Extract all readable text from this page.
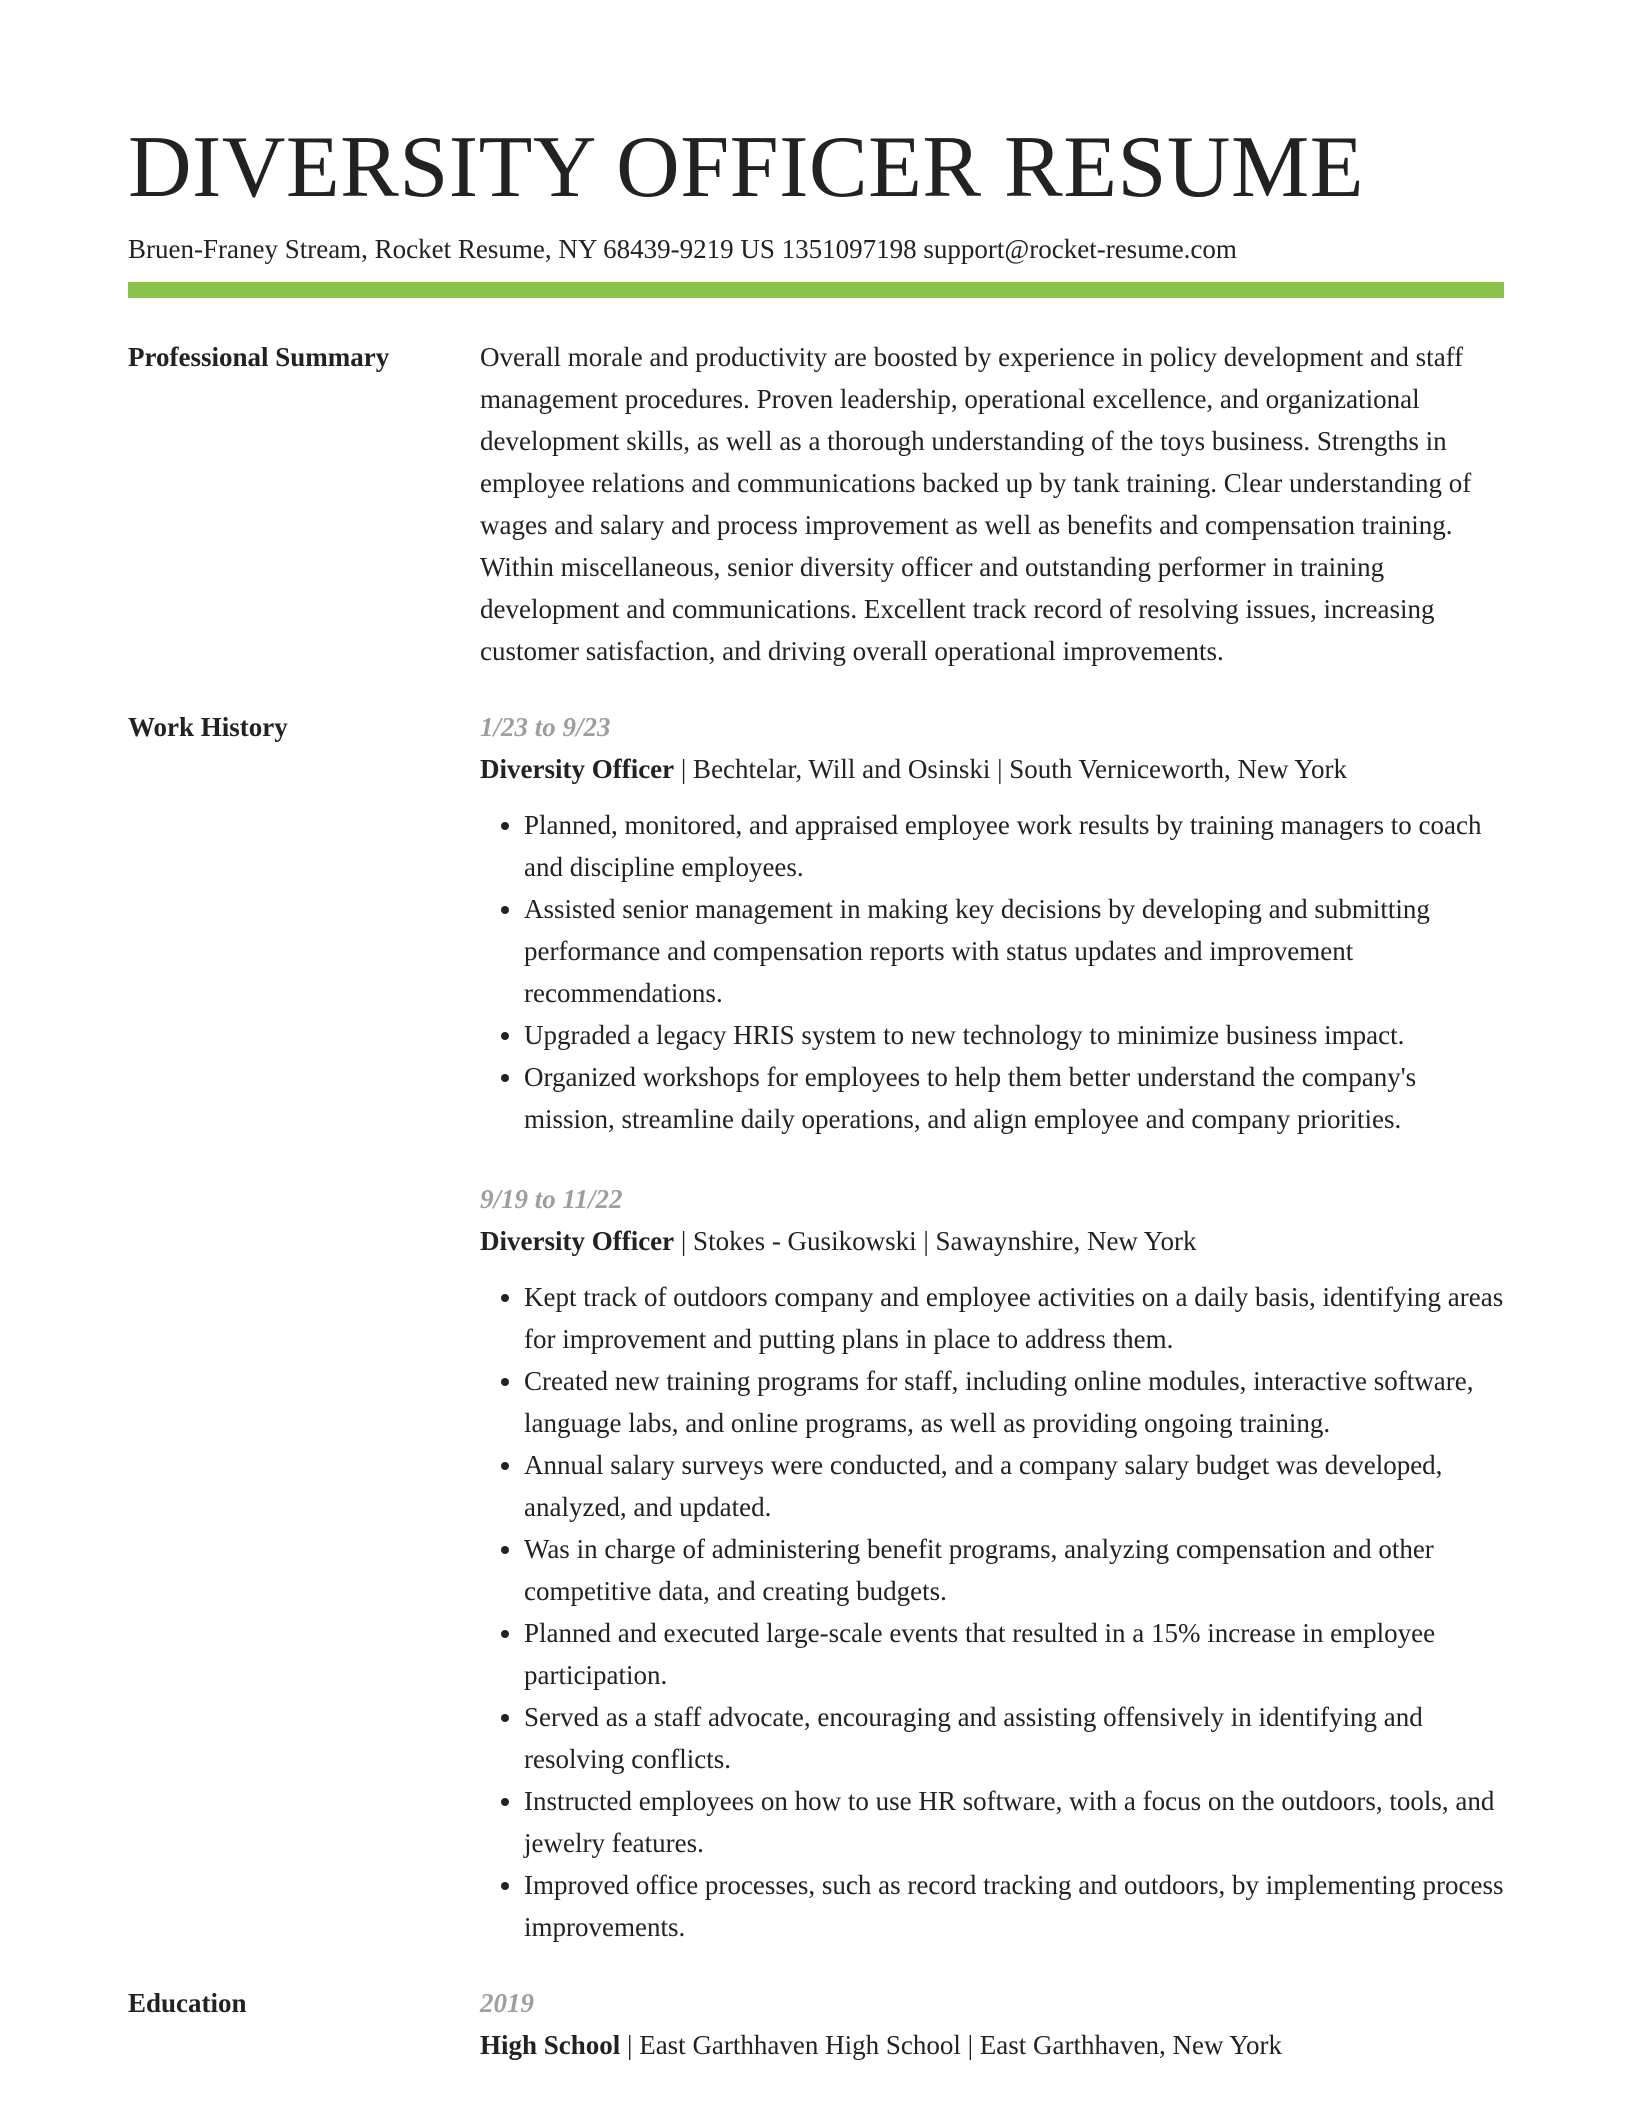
DIVERSITY OFFICER RESUME
Bruen-Franey Stream, Rocket Resume, NY 68439-9219 US 1351097198 support@rocket-resume.com
Professional Summary	Overall morale and productivity are boosted by experience in policy development and staff management procedures. Proven leadership, operational excellence, and organizational development skills, as well as a thorough understanding of the toys business. Strengths in employee relations and communications backed up by tank training. Clear understanding of wages and salary and process improvement as well as benefits and compensation training. Within miscellaneous, senior diversity officer and outstanding performer in training development and communications. Excellent track record of resolving issues, increasing customer satisfaction, and driving overall operational improvements.

Work History	1/23 to 9/23
Diversity Officer | Bechtelar, Will and Osinski | South Verniceworth, New York
• Planned, monitored, and appraised employee work results by training managers to coach and discipline employees.
• Assisted senior management in making key decisions by developing and submitting performance and compensation reports with status updates and improvement recommendations.
• Upgraded a legacy HRIS system to new technology to minimize business impact.
• Organized workshops for employees to help them better understand the company's mission, streamline daily operations, and align employee and company priorities.
9/19 to 11/22
Diversity Officer | Stokes - Gusikowski | Sawaynshire, New York
• Kept track of outdoors company and employee activities on a daily basis, identifying areas for improvement and putting plans in place to address them.
• Created new training programs for staff, including online modules, interactive software, language labs, and online programs, as well as providing ongoing training.
• Annual salary surveys were conducted, and a company salary budget was developed, analyzed, and updated.
• Was in charge of administering benefit programs, analyzing compensation and other competitive data, and creating budgets.
• Planned and executed large-scale events that resulted in a 15% increase in employee participation.
• Served as a staff advocate, encouraging and assisting offensively in identifying and resolving conflicts.
• Instructed employees on how to use HR software, with a focus on the outdoors, tools, and jewelry features.
• Improved office processes, such as record tracking and outdoors, by implementing process improvements.
Education	2019
High School | East Garthhaven High School | East Garthhaven, New York
